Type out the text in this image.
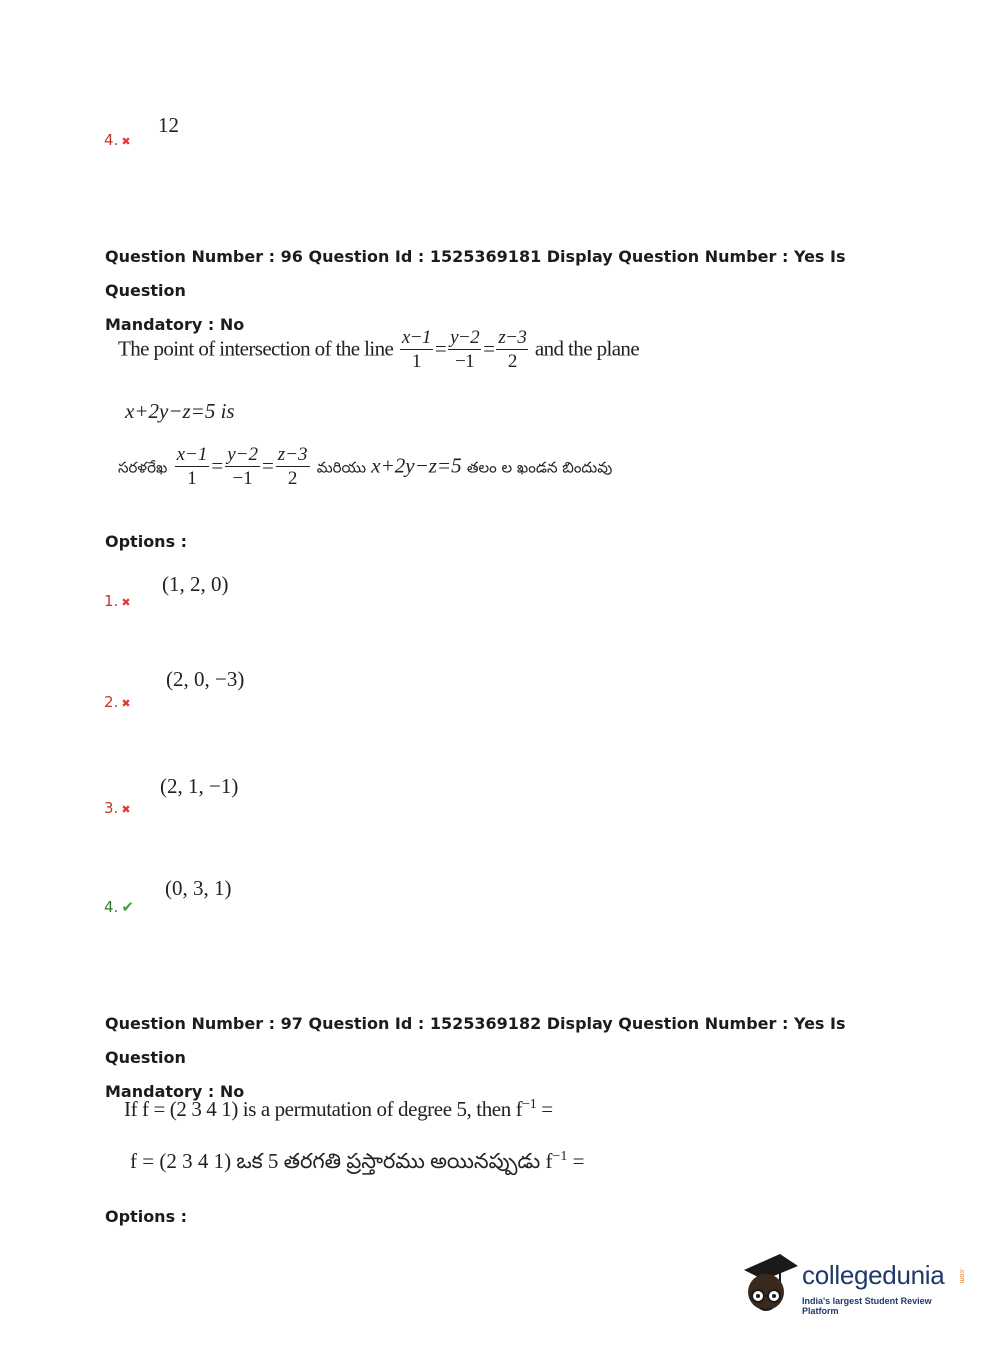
4. ✖
12
Question Number : 96 Question Id : 1525369181 Display Question Number : Yes Is Question
Mandatory : No
The point of intersection of the line $\frac{x-1}{1} = \frac{y-2}{-1} = \frac{z-3}{2}$ and the plane
x+2y−z=5 is
సరళరేఖ $\frac{x-1}{1} = \frac{y-2}{-1} = \frac{z-3}{2}$ మరియు x+2y−z=5 తలం ల ఖండన బిందువు
Options :
1. ✖
(1, 2, 0)
2. ✖
(2, 0, −3)
3. ✖
(2, 1, −1)
4. ✔
(0, 3, 1)
Question Number : 97 Question Id : 1525369182 Display Question Number : Yes Is Question
Mandatory : No
If f = (2 3 4 1) is a permutation of degree 5, then $f^{-1}$ =
f = (2 3 4 1) ఒక 5 తరగతి ప్రస్తారము అయినప్పుడు $f^{-1}$ =
Options :
collegedunia .com
India's largest Student Review Platform
